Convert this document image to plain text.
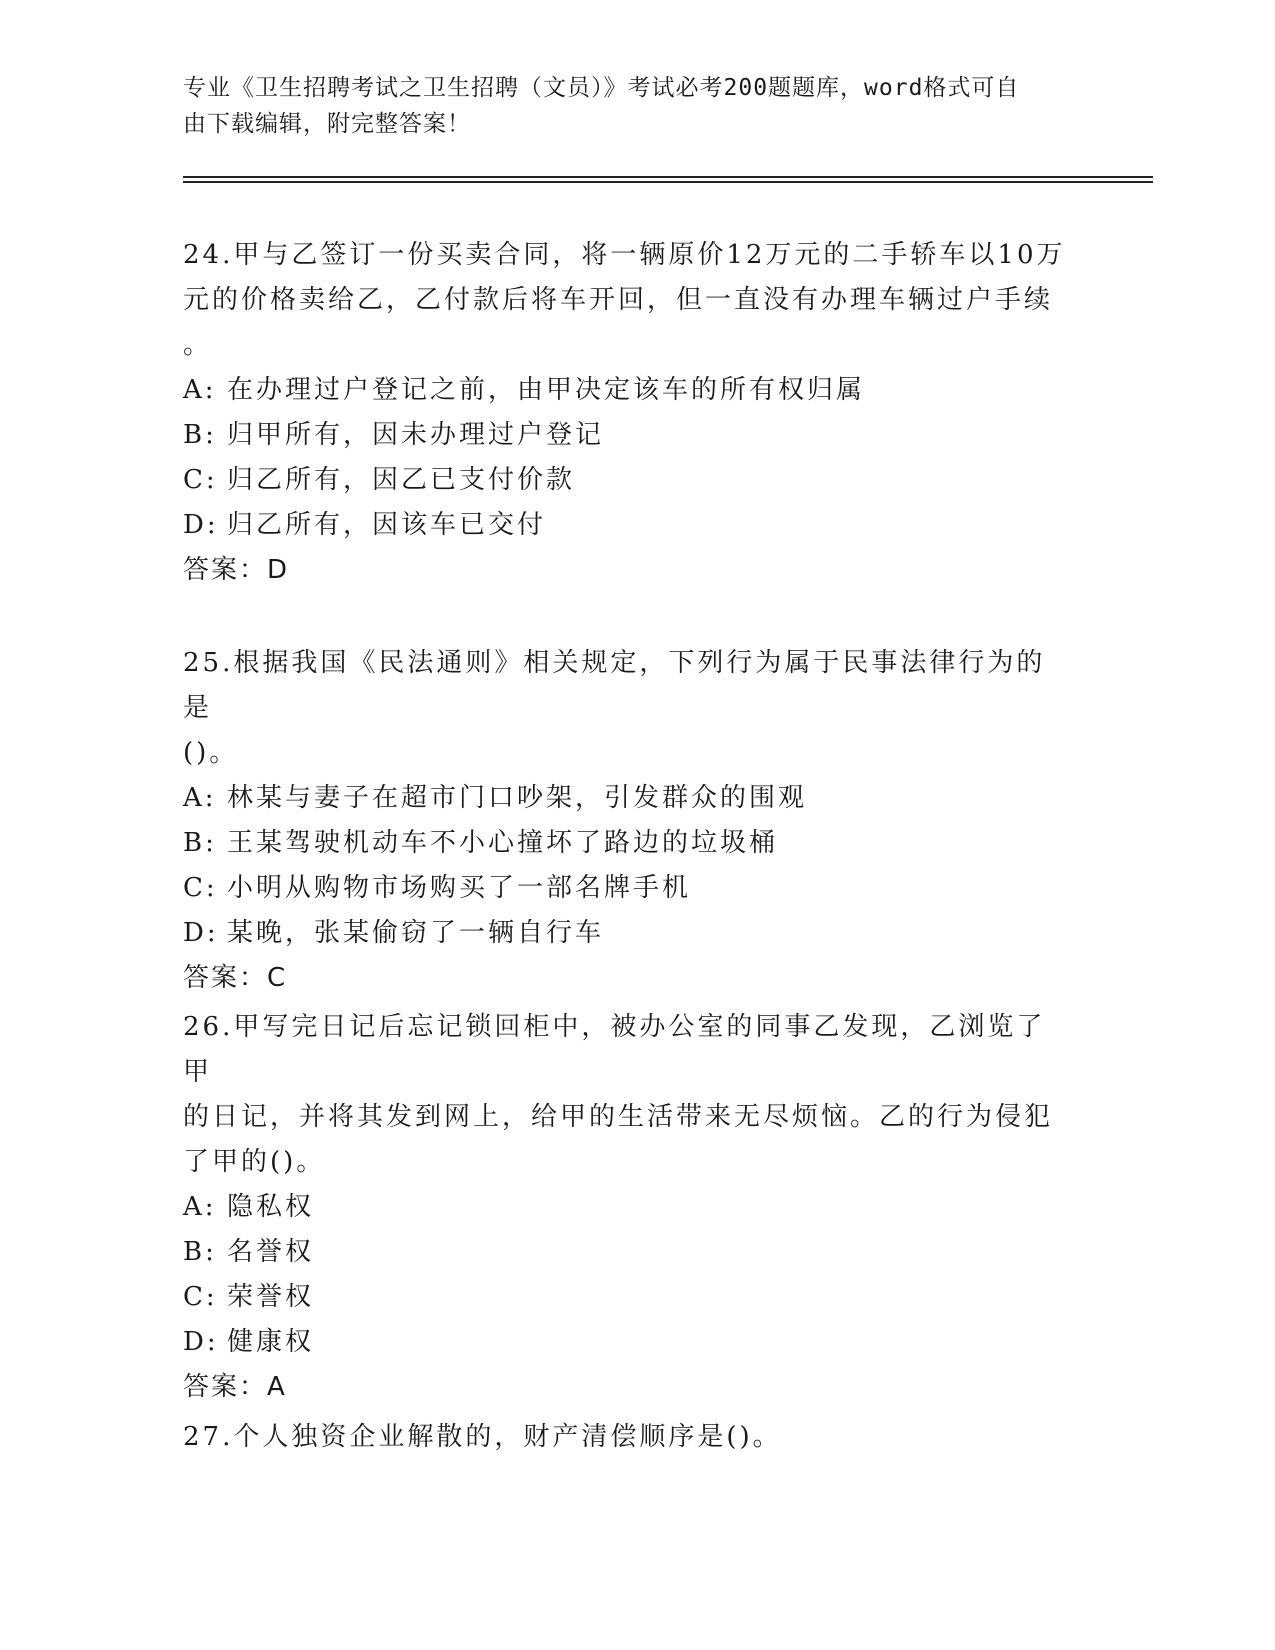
专业《卫生招聘考试之卫生招聘（文员）》考试必考200题题库，word格式可自
由下载编辑，附完整答案！
24.甲与乙签订一份买卖合同，将一辆原价12万元的二手轿车以10万
元的价格卖给乙，乙付款后将车开回，但一直没有办理车辆过户手续
。
A: 在办理过户登记之前，由甲决定该车的所有权归属
B: 归甲所有，因未办理过户登记
C: 归乙所有，因乙已支付价款
D: 归乙所有，因该车已交付
答案：D
25.根据我国《民法通则》相关规定，下列行为属于民事法律行为的是
()。
A: 林某与妻子在超市门口吵架，引发群众的围观
B: 王某驾驶机动车不小心撞坏了路边的垃圾桶
C: 小明从购物市场购买了一部名牌手机
D: 某晚，张某偷窃了一辆自行车
答案：C
26.甲写完日记后忘记锁回柜中，被办公室的同事乙发现，乙浏览了甲
的日记，并将其发到网上，给甲的生活带来无尽烦恼。乙的行为侵犯
了甲的()。
A: 隐私权
B: 名誉权
C: 荣誉权
D: 健康权
答案：A
27.个人独资企业解散的，财产清偿顺序是()。
